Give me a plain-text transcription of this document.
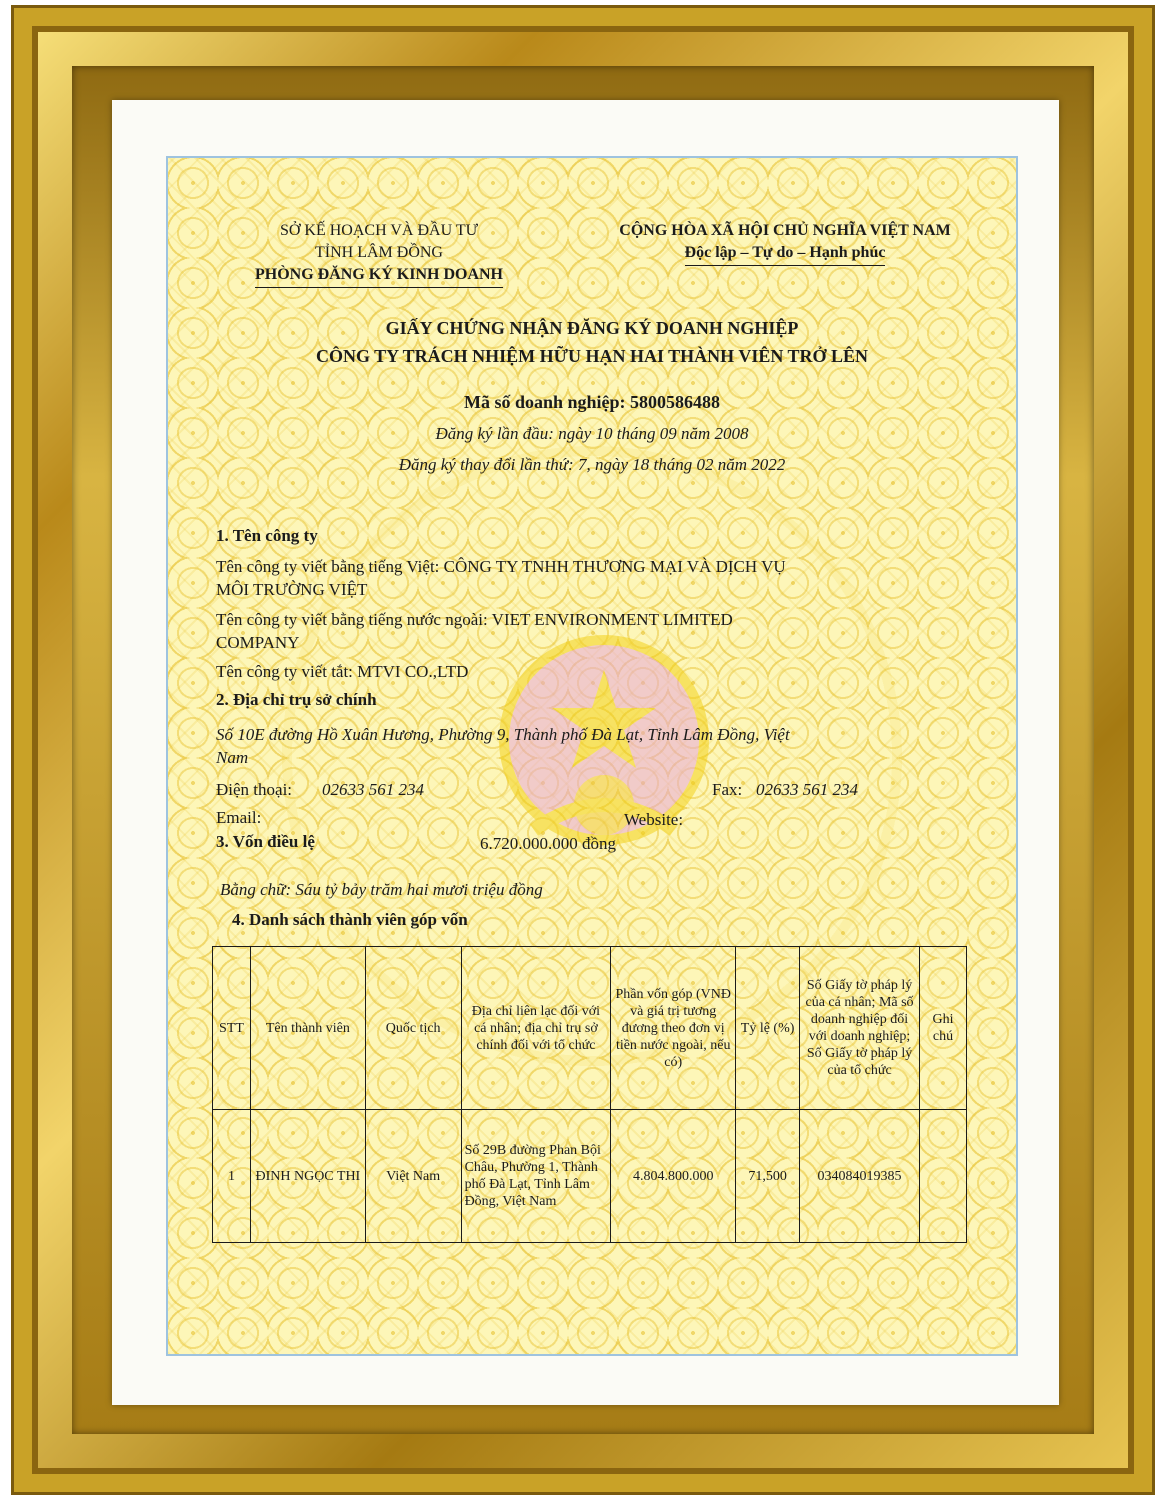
SỞ KẾ HOẠCH VÀ ĐẦU TƯ
TỈNH LÂM ĐỒNG
PHÒNG ĐĂNG KÝ KINH DOANH
CỘNG HÒA XÃ HỘI CHỦ NGHĨA VIỆT NAM
Độc lập – Tự do – Hạnh phúc
GIẤY CHỨNG NHẬN ĐĂNG KÝ DOANH NGHIỆP
CÔNG TY TRÁCH NHIỆM HỮU HẠN HAI THÀNH VIÊN TRỞ LÊN
Mã số doanh nghiệp: 5800586488
Đăng ký lần đầu: ngày 10 tháng 09 năm 2008
Đăng ký thay đổi lần thứ: 7, ngày 18 tháng 02 năm 2022
1. Tên công ty
Tên công ty viết bằng tiếng Việt: CÔNG TY TNHH THƯƠNG MẠI VÀ DỊCH VỤ
MÔI TRƯỜNG VIỆT
Tên công ty viết bằng tiếng nước ngoài: VIET ENVIRONMENT LIMITED
COMPANY
Tên công ty viết tắt: MTVI CO.,LTD
2. Địa chỉ trụ sở chính
Số 10E đường Hồ Xuân Hương, Phường 9, Thành phố Đà Lạt, Tỉnh Lâm Đồng, Việt
Nam
Điện thoại: 02633 561 234	Fax: 02633 561 234
Email:	Website:
3. Vốn điều lệ	6.720.000.000 đồng
Bằng chữ: Sáu tỷ bảy trăm hai mươi triệu đồng
4. Danh sách thành viên góp vốn
STT	Tên thành viên	Quốc tịch	Địa chỉ liên lạc đối với cá nhân; địa chỉ trụ sở chính đối với tổ chức	Phần vốn góp (VNĐ và giá trị tương đương theo đơn vị tiền nước ngoài, nếu có)	Tỷ lệ (%)	Số Giấy tờ pháp lý của cá nhân; Mã số doanh nghiệp đối với doanh nghiệp; Số Giấy tờ pháp lý của tổ chức	Ghi chú
1	ĐINH NGỌC THI	Việt Nam	Số 29B đường Phan Bội Châu, Phường 1, Thành phố Đà Lạt, Tỉnh Lâm Đồng, Việt Nam	4.804.800.000	71,500	034084019385	
